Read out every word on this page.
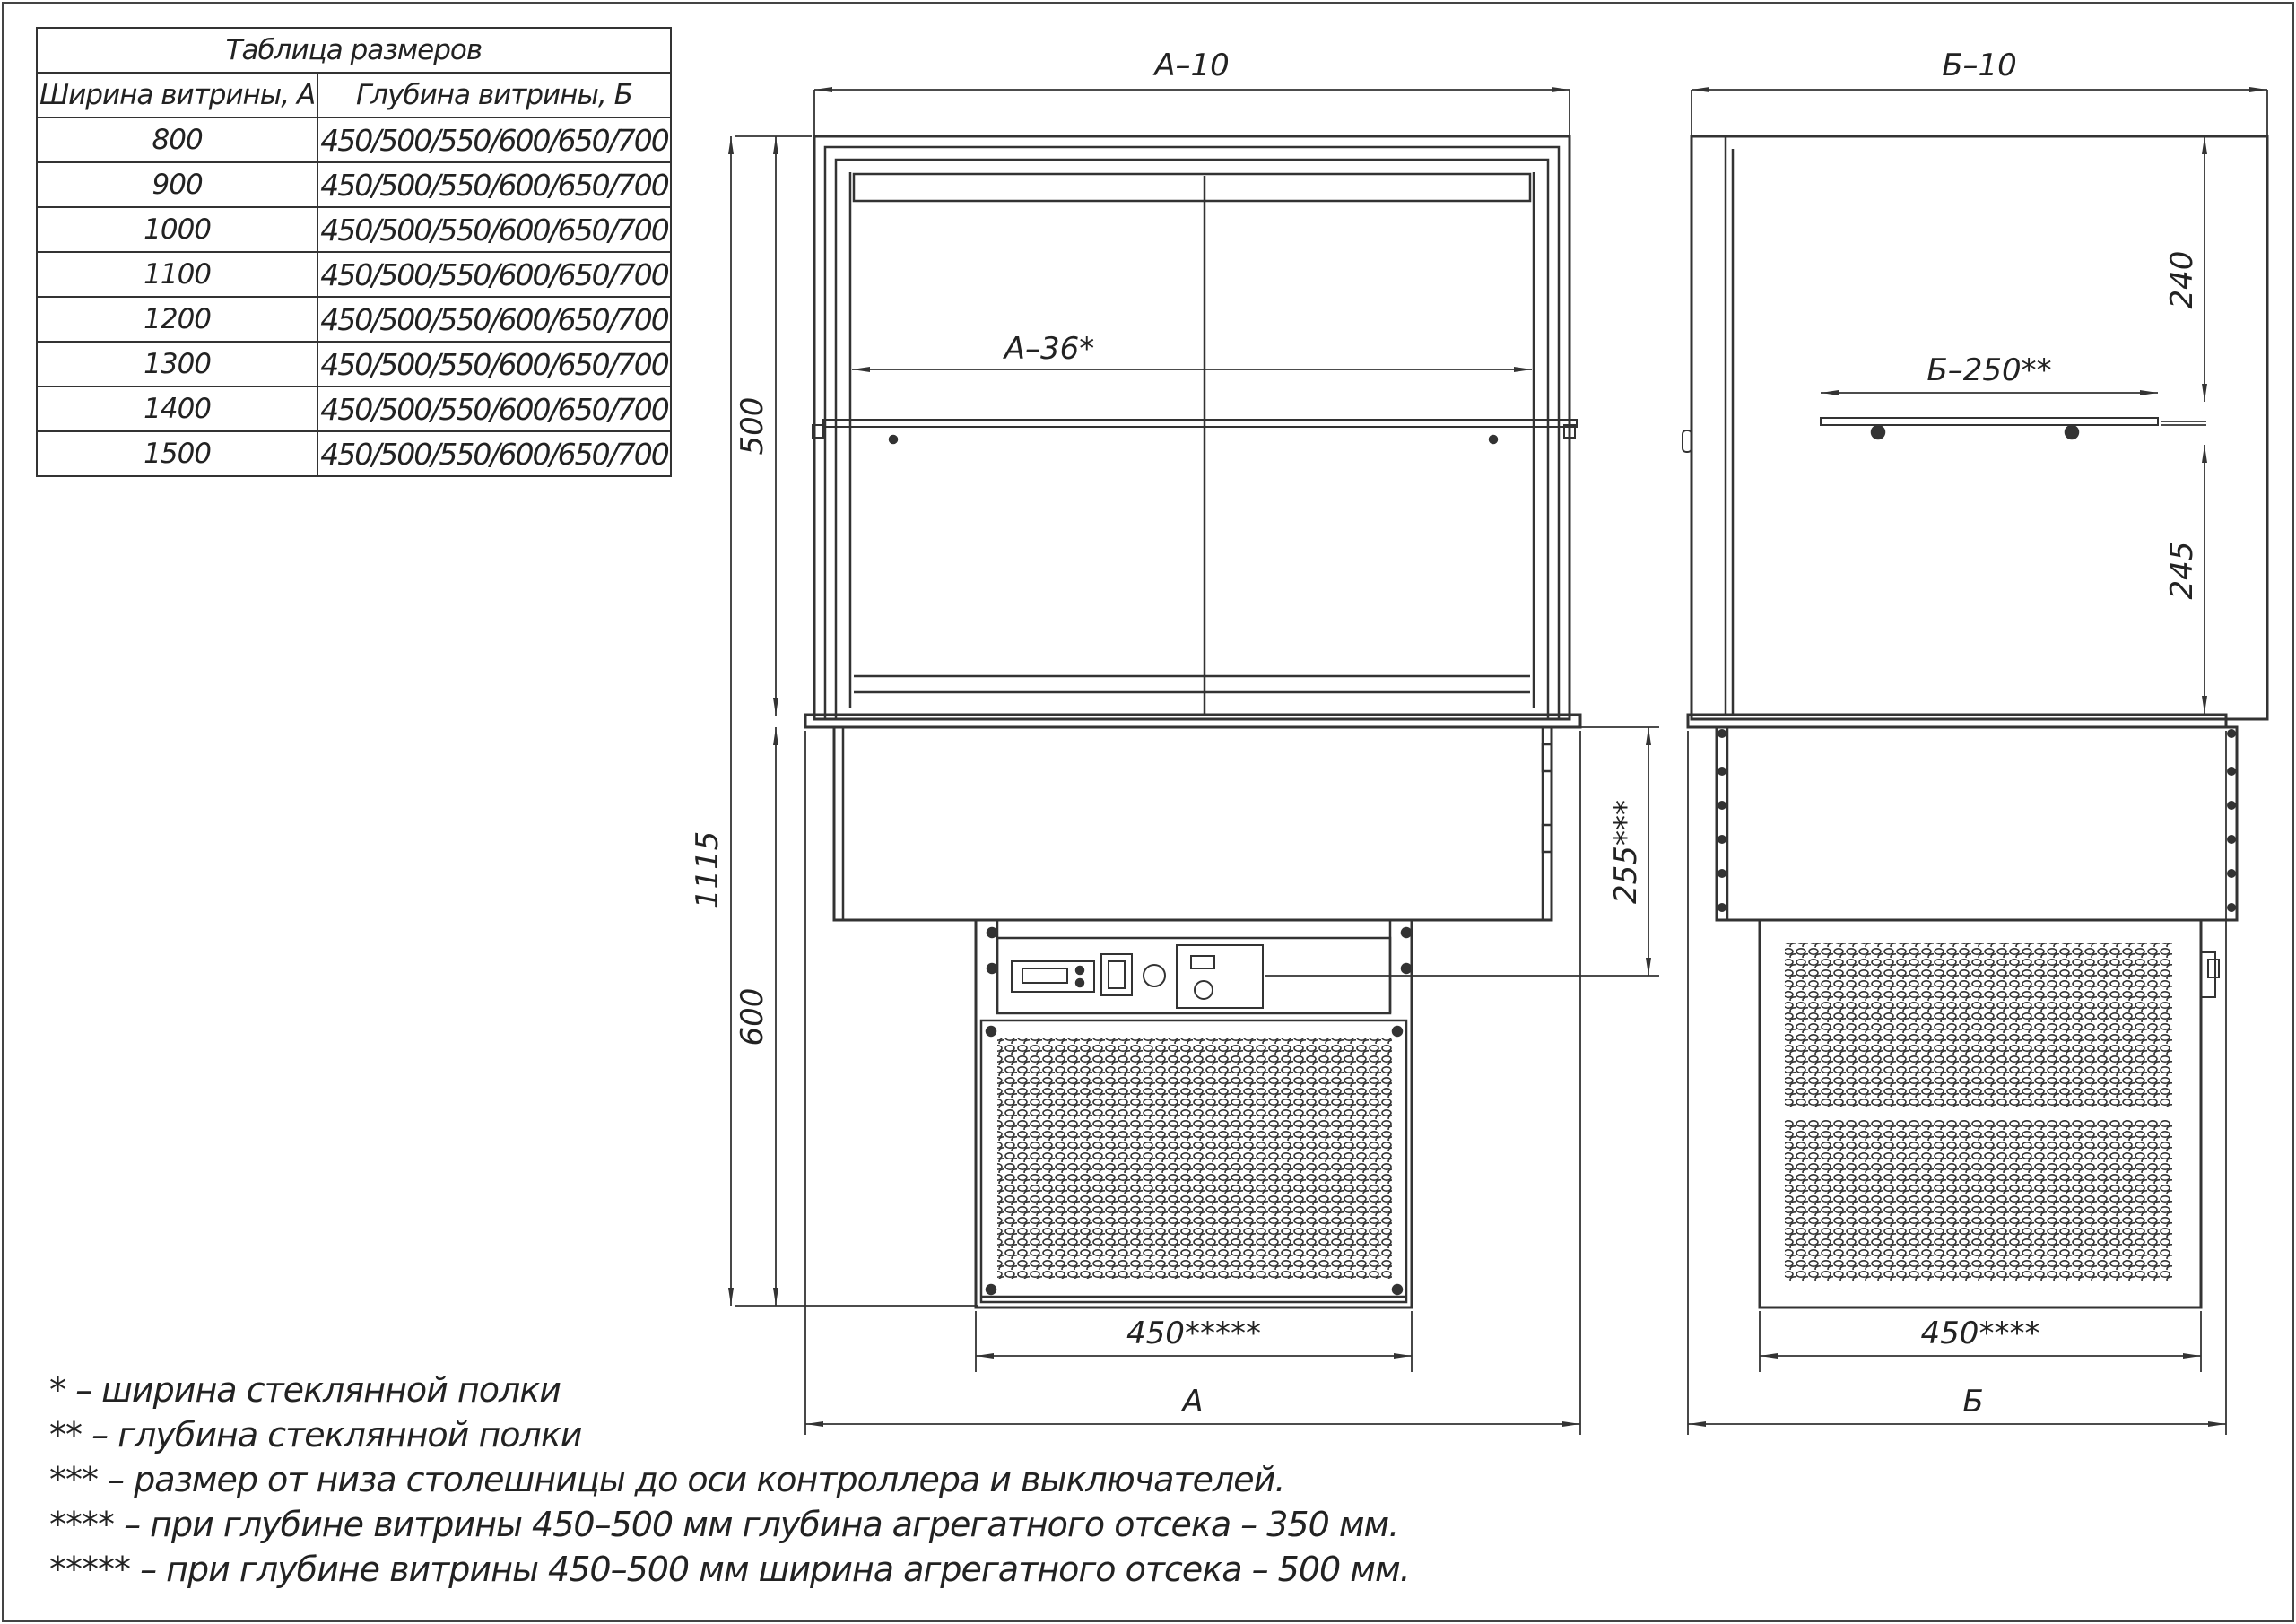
А–10
А–36*
500
1115
600
255***
450*****
А
Б–10
Б–250**
240
245
450****
Б
Таблица размеров	
Ширина витрины, А	Глубина витрины, Б
800	450/500/550/600/650/700
900	450/500/550/600/650/700
1000	450/500/550/600/650/700
1100	450/500/550/600/650/700
1200	450/500/550/600/650/700
1300	450/500/550/600/650/700
1400	450/500/550/600/650/700
1500	450/500/550/600/650/700
* – ширина стеклянной полки
** – глубина стеклянной полки
*** – размер от низа столешницы до оси контроллера и выключателей.
**** – при глубине витрины 450–500 мм глубина агрегатного отсека – 350 мм.
***** – при глубине витрины 450–500 мм ширина агрегатного отсека – 500 мм.
